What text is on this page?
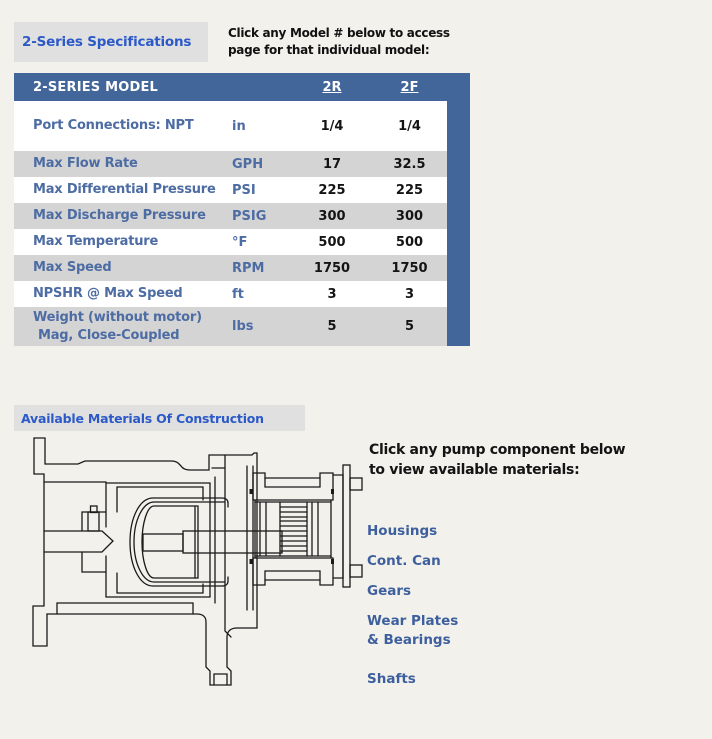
2-Series Specifications
Click any Model # below to access
page for that individual model:
2-SERIES MODEL	2R	2F
Port Connections: NPT	in	1/4	1/4
Max Flow Rate	GPH	17	32.5
Max Differential Pressure	PSI	225	225
Max Discharge Pressure	PSIG	300	300
Max Temperature	°F	500	500
Max Speed	RPM	1750	1750
NPSHR @ Max Speed	ft	3	3
Weight (without motor)
Mag, Close-Coupled
lbs	5	5
Available Materials Of Construction
Click any pump component below
to view available materials:
Housings
Cont. Can
Gears
Wear Plates
& Bearings
Shafts
